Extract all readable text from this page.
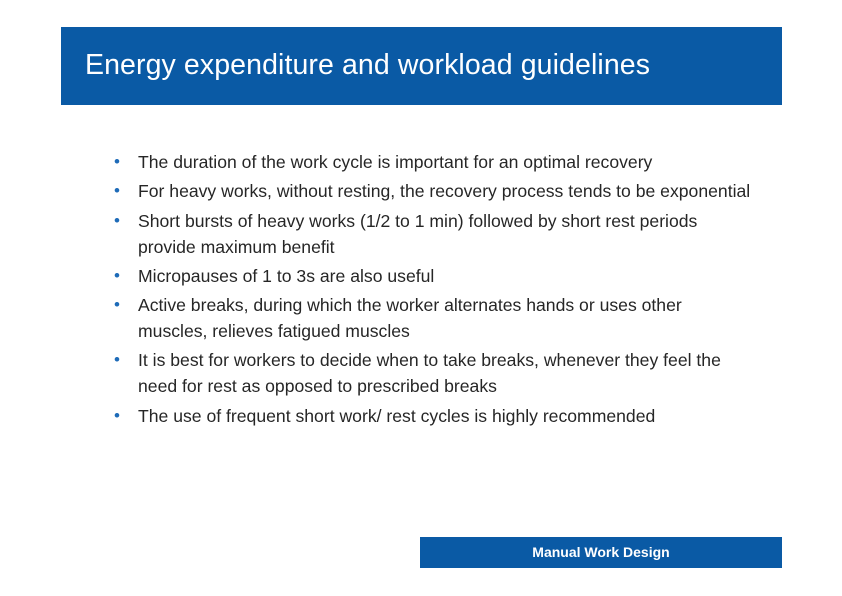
Energy expenditure and workload guidelines
• The duration of the work cycle is important for an optimal recovery
• For heavy works, without resting, the recovery process tends to be exponential
• Short bursts of heavy works (1/2 to 1 min) followed by short rest periods provide maximum benefit
• Micropauses of 1 to 3s are also useful
• Active breaks, during which the worker alternates hands or uses other muscles, relieves fatigued muscles
• It is best for workers to decide when to take breaks, whenever they feel the need for rest as opposed to prescribed breaks
• The use of frequent short work/ rest cycles is highly recommended
Manual Work Design
